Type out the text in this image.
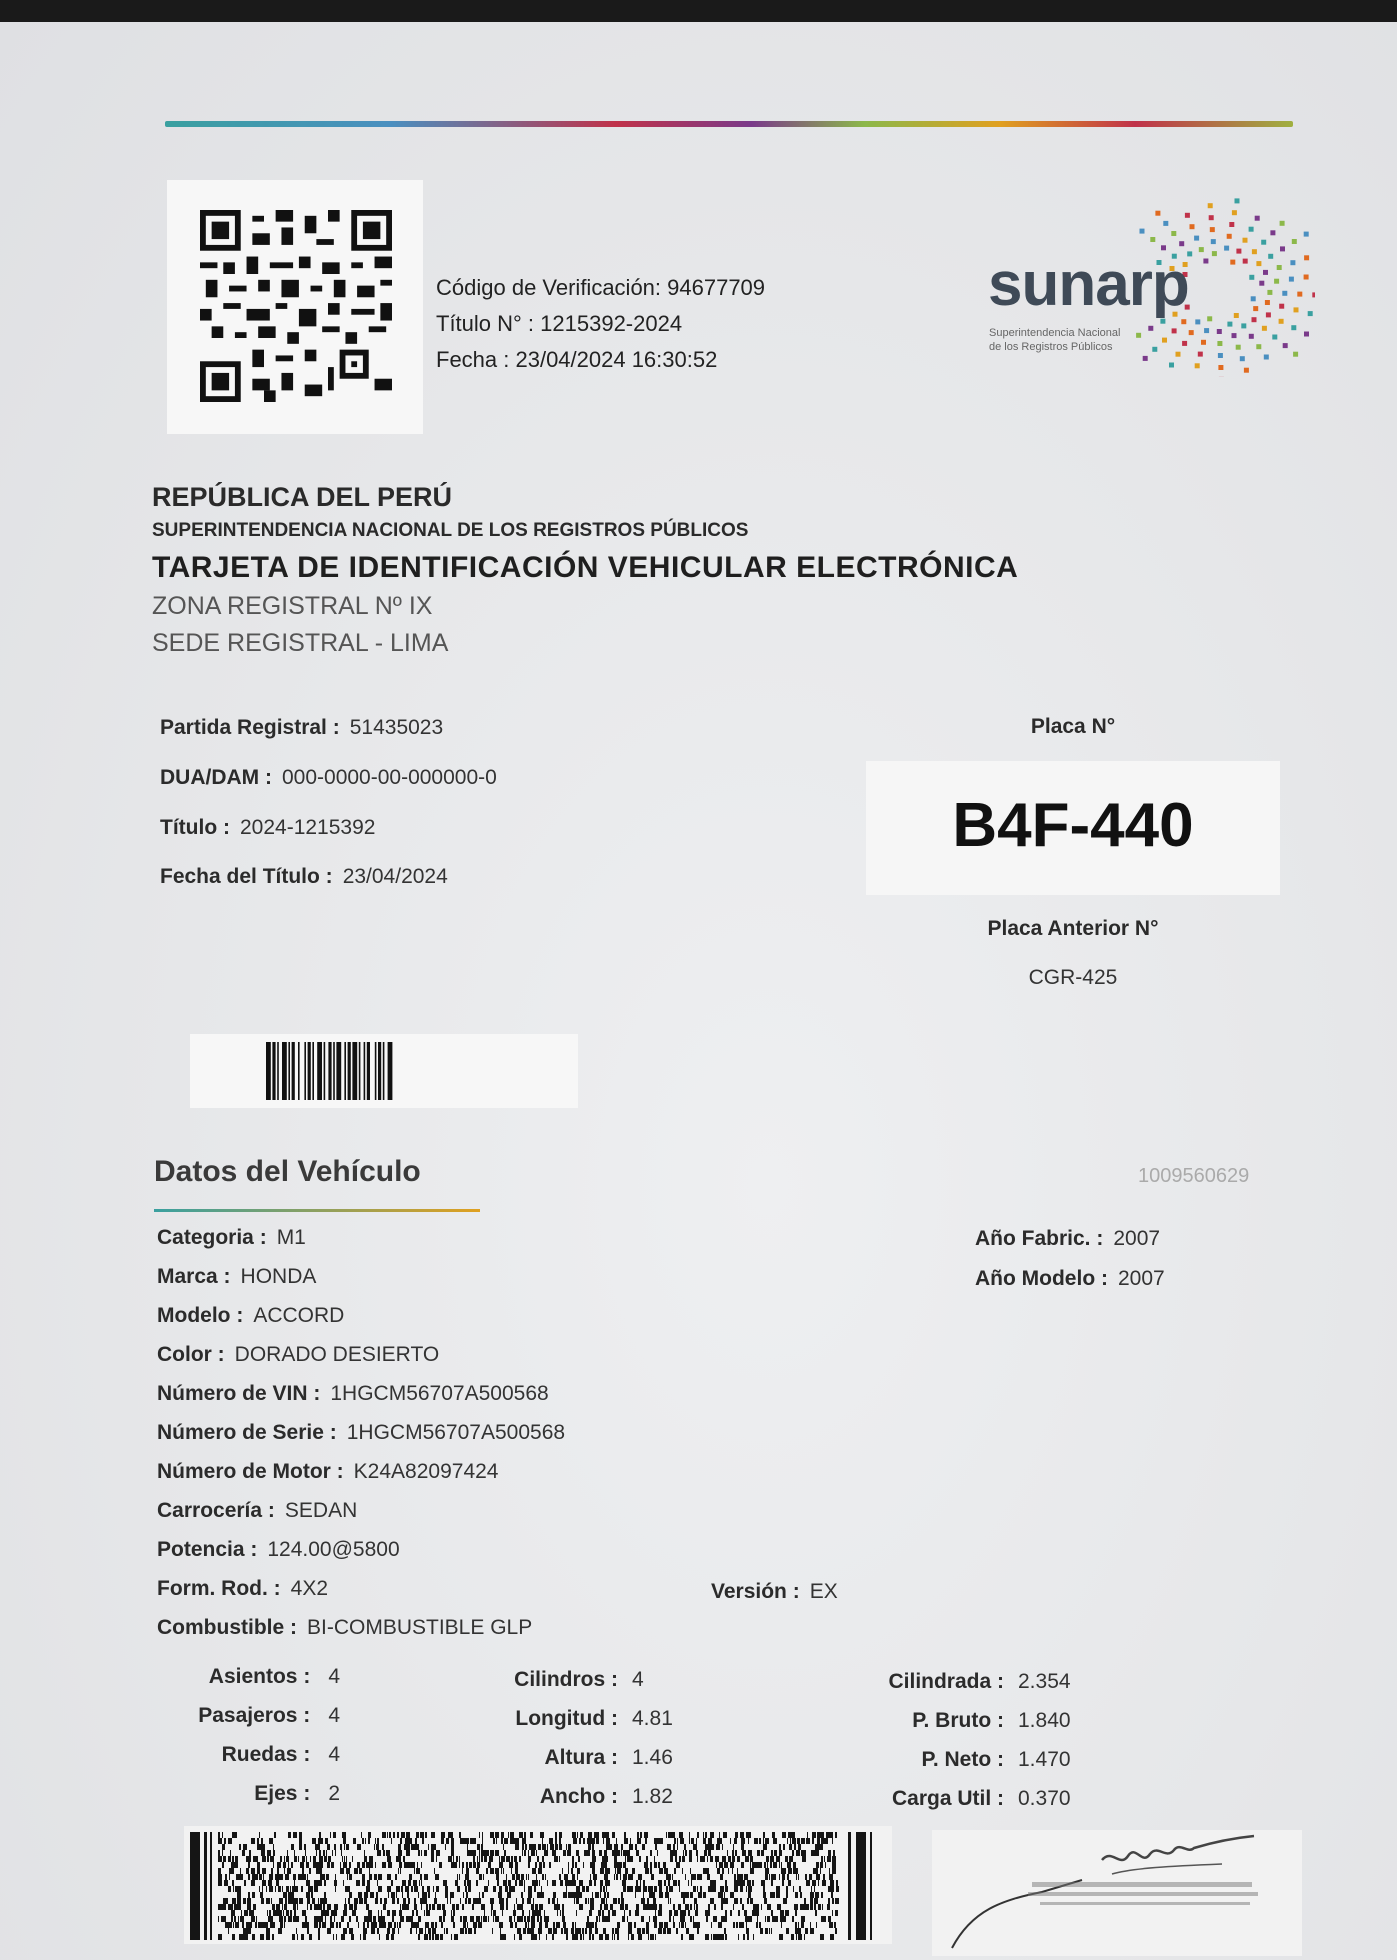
Código de Verificación: 94677709
Título N° : 1215392-2024
Fecha : 23/04/2024 16:30:52
sunarp
Superintendencia Nacional
de los Registros Públicos
REPÚBLICA DEL PERÚ
SUPERINTENDENCIA NACIONAL DE LOS REGISTROS PÚBLICOS
TARJETA DE IDENTIFICACIÓN VEHICULAR ELECTRÓNICA
ZONA REGISTRAL Nº IX
SEDE REGISTRAL - LIMA
Partida Registral : 51435023
DUA/DAM : 000-0000-00-000000-0
Título : 2024-1215392
Fecha del Título : 23/04/2024
Placa N°
B4F-440
Placa Anterior N°
CGR-425
Datos del Vehículo	1009560629
Categoria : M1
Marca : HONDA
Modelo : ACCORD
Color : DORADO DESIERTO
Número de VIN : 1HGCM56707A500568
Número de Serie : 1HGCM56707A500568
Número de Motor : K24A82097424
Carrocería : SEDAN
Potencia : 124.00@5800
Form. Rod. : 4X2
Combustible : BI-COMBUSTIBLE GLP
Versión : EX
Año Fabric. : 2007
Año Modelo : 2007
Asientos : 4
Pasajeros : 4
Ruedas : 4
Ejes : 2
Cilindros : 4
Longitud : 4.81
Altura : 1.46
Ancho : 1.82
Cilindrada : 2.354
P. Bruto : 1.840
P. Neto : 1.470
Carga Util : 0.370
